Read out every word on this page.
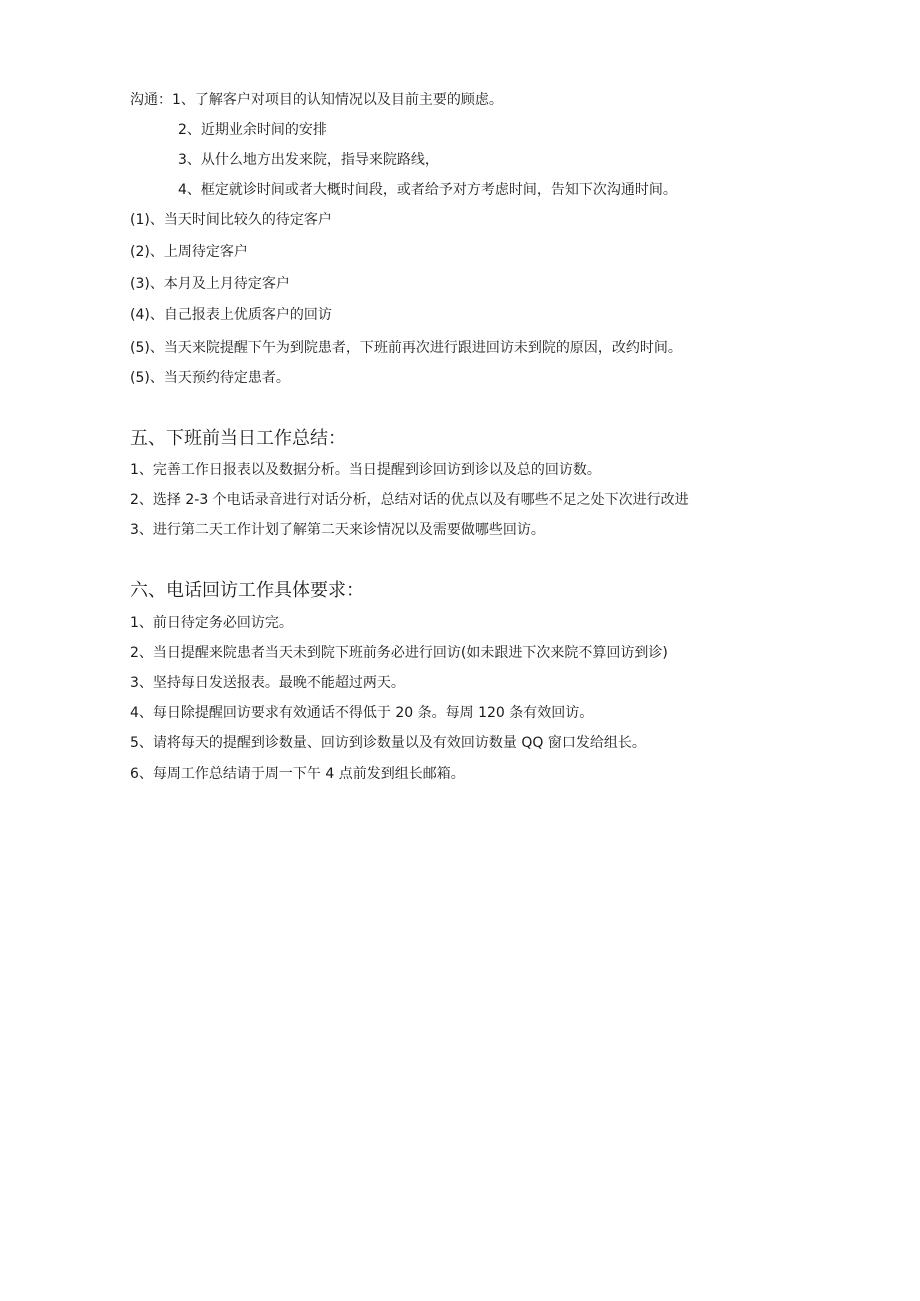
沟通：1、了解客户对项目的认知情况以及目前主要的顾虑。
2、近期业余时间的安排
3、从什么地方出发来院，指导来院路线，
4、框定就诊时间或者大概时间段，或者给予对方考虑时间，告知下次沟通时间。
(1)、当天时间比较久的待定客户
(2)、上周待定客户
(3)、本月及上月待定客户
(4)、自己报表上优质客户的回访
(5)、当天来院提醒下午为到院患者，下班前再次进行跟进回访未到院的原因，改约时间。
(5)、当天预约待定患者。
五、下班前当日工作总结：
1、完善工作日报表以及数据分析。当日提醒到诊回访到诊以及总的回访数。
2、选择 2-3 个电话录音进行对话分析，总结对话的优点以及有哪些不足之处下次进行改进
3、进行第二天工作计划了解第二天来诊情况以及需要做哪些回访。
六、电话回访工作具体要求：
1、前日待定务必回访完。
2、当日提醒来院患者当天未到院下班前务必进行回访(如未跟进下次来院不算回访到诊)
3、坚持每日发送报表。最晚不能超过两天。
4、每日除提醒回访要求有效通话不得低于 20 条。每周 120 条有效回访。
5、请将每天的提醒到诊数量、回访到诊数量以及有效回访数量 QQ 窗口发给组长。
6、每周工作总结请于周一下午 4 点前发到组长邮箱。
